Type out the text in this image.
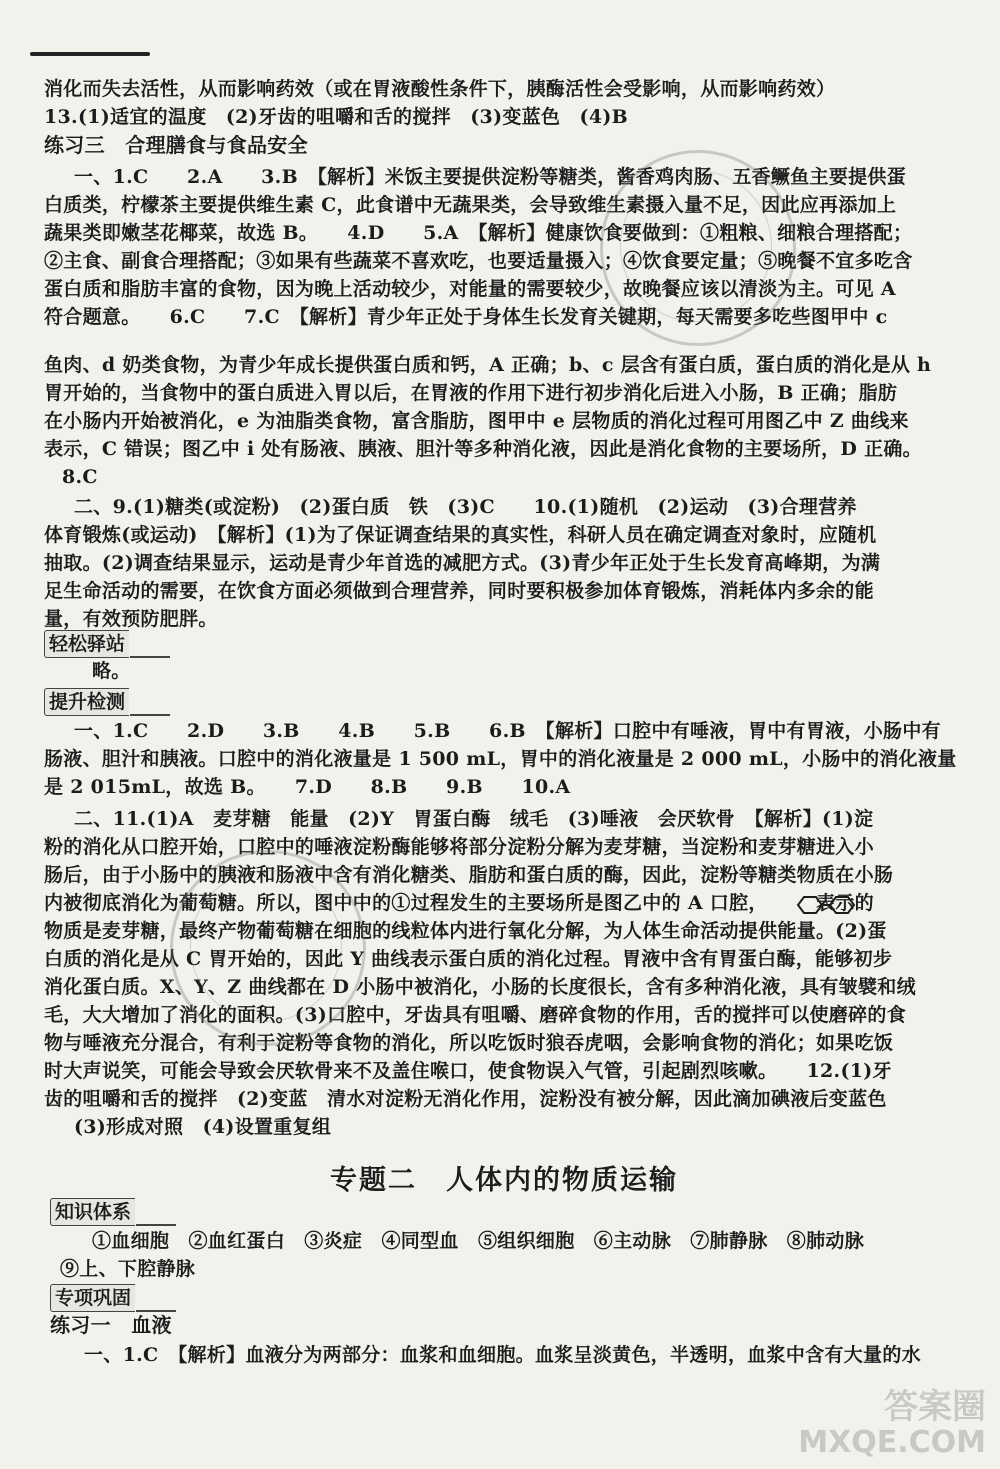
消化而失去活性，从而影响药效（或在胃液酸性条件下，胰酶活性会受影响，从而影响药效）
13.(1)适宜的温度　(2)牙齿的咀嚼和舌的搅拌　(3)变蓝色　(4)B
练习三　合理膳食与食品安全
一、1.C　　2.A　　3.B　【解析】米饭主要提供淀粉等糖类，酱香鸡肉肠、五香鳜鱼主要提供蛋
白质类，柠檬茶主要提供维生素 C，此食谱中无蔬果类，会导致维生素摄入量不足，因此应再添加上
蔬果类即嫩茎花椰菜，故选 B。　　4.D　　5.A　【解析】健康饮食要做到：①粗粮、细粮合理搭配；
②主食、副食合理搭配；③如果有些蔬菜不喜欢吃，也要适量摄入；④饮食要定量；⑤晚餐不宜多吃含
蛋白质和脂肪丰富的食物，因为晚上活动较少，对能量的需要较少，故晚餐应该以清淡为主。可见 A
符合题意。　　6.C　　7.C　【解析】青少年正处于身体生长发育关键期，每天需要多吃些图甲中 c
鱼肉、d 奶类食物，为青少年成长提供蛋白质和钙，A 正确；b、c 层含有蛋白质，蛋白质的消化是从 h
胃开始的，当食物中的蛋白质进入胃以后，在胃液的作用下进行初步消化后进入小肠，B 正确；脂肪
在小肠内开始被消化，e 为油脂类食物，富含脂肪，图甲中 e 层物质的消化过程可用图乙中 Z 曲线来
表示，C 错误；图乙中 i 处有肠液、胰液、胆汁等多种消化液，因此是消化食物的主要场所，D 正确。
8.C
二、9.(1)糖类(或淀粉)　(2)蛋白质　铁　(3)C　　10.(1)随机　(2)运动　(3)合理营养
体育锻炼(或运动)　【解析】(1)为了保证调查结果的真实性，科研人员在确定调查对象时，应随机
抽取。(2)调查结果显示，运动是青少年首选的减肥方式。(3)青少年正处于生长发育高峰期，为满
足生命活动的需要，在饮食方面必须做到合理营养，同时要积极参加体育锻炼，消耗体内多余的能
量，有效预防肥胖。
轻松驿站
略。
提升检测
一、1.C　　2.D　　3.B　　4.B　　5.B　　6.B　【解析】口腔中有唾液，胃中有胃液，小肠中有
肠液、胆汁和胰液。口腔中的消化液量是 1 500 mL，胃中的消化液量是 2 000 mL，小肠中的消化液量
是 2 015mL，故选 B。　　7.D　　8.B　　9.B　　10.A
二、11.(1)A　麦芽糖　能量　(2)Y　胃蛋白酶　绒毛　(3)唾液　会厌软骨　【解析】(1)淀
粉的消化从口腔开始，口腔中的唾液淀粉酶能够将部分淀粉分解为麦芽糖，当淀粉和麦芽糖进入小
肠后，由于小肠中的胰液和肠液中含有消化糖类、脂肪和蛋白质的酶，因此，淀粉等糖类物质在小肠
内被彻底消化为葡萄糖。所以，图中中的①过程发生的主要场所是图乙中的 A 口腔，　　　表示的
物质是麦芽糖，最终产物葡萄糖在细胞的线粒体内进行氧化分解，为人体生命活动提供能量。(2)蛋
白质的消化是从 C 胃开始的，因此 Y 曲线表示蛋白质的消化过程。胃液中含有胃蛋白酶，能够初步
消化蛋白质。X、Y、Z 曲线都在 D 小肠中被消化，小肠的长度很长，含有多种消化液，具有皱襞和绒
毛，大大增加了消化的面积。(3)口腔中，牙齿具有咀嚼、磨碎食物的作用，舌的搅拌可以使磨碎的食
物与唾液充分混合，有利于淀粉等食物的消化，所以吃饭时狼吞虎咽，会影响食物的消化；如果吃饭
时大声说笑，可能会导致会厌软骨来不及盖住喉口，使食物误入气管，引起剧烈咳嗽。　　12.(1)牙
齿的咀嚼和舌的搅拌　(2)变蓝　清水对淀粉无消化作用，淀粉没有被分解，因此滴加碘液后变蓝色
(3)形成对照　(4)设置重复组
专题二　人体内的物质运输
知识体系
①血细胞　②血红蛋白　③炎症　④同型血　⑤组织细胞　⑥主动脉　⑦肺静脉　⑧肺动脉
⑨上、下腔静脉
专项巩固
练习一　血液
一、1.C　【解析】血液分为两部分：血浆和血细胞。血浆呈淡黄色，半透明，血浆中含有大量的水
答案圈
MXQE.COM
